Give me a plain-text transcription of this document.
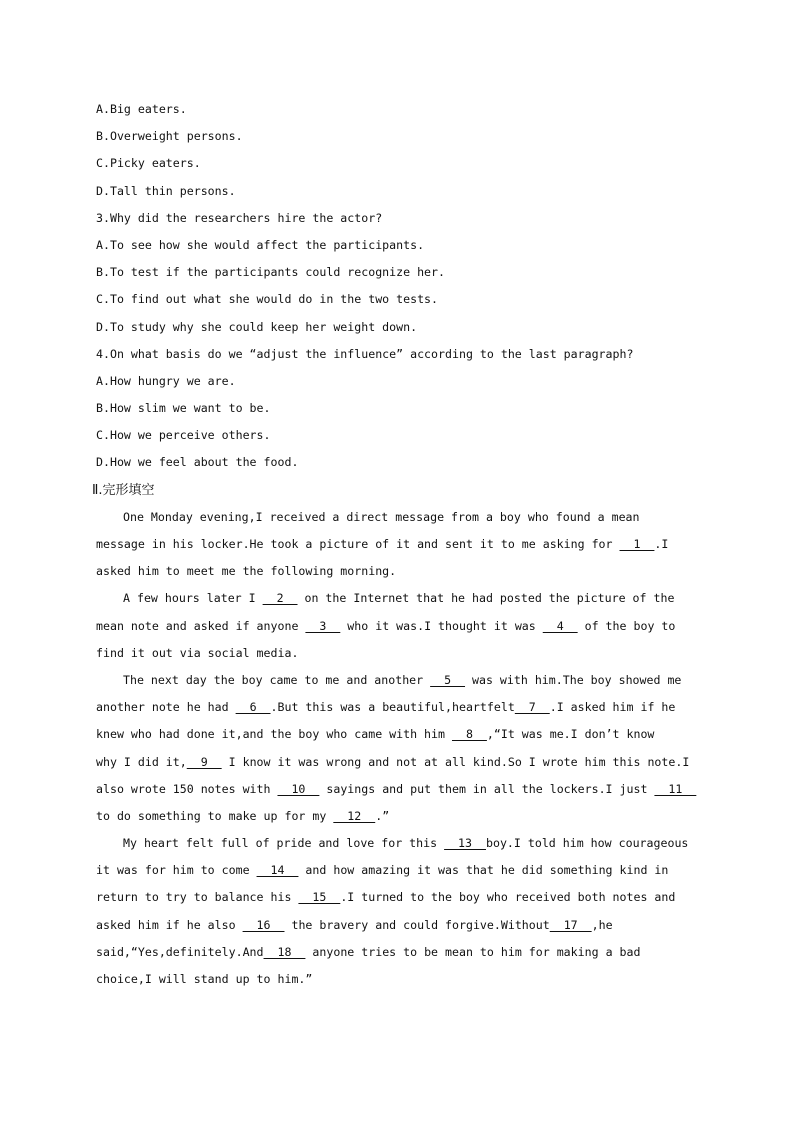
A.Big eaters.
B.Overweight persons.
C.Picky eaters.
D.Tall thin persons.
3.Why did the researchers hire the actor?
A.To see how she would affect the participants.
B.To test if the participants could recognize her.
C.To find out what she would do in the two tests.
D.To study why she could keep her weight down.
4.On what basis do we “adjust the influence” according to the last paragraph?
A.How hungry we are.
B.How slim we want to be.
C.How we perceive others.
D.How we feel about the food.
Ⅱ.完形填空
One Monday evening,I received a direct message from a boy who found a mean
message in his locker.He took a picture of it and sent it to me asking for   1  .I
asked him to meet me the following morning.
A few hours later I   2   on the Internet that he had posted the picture of the
mean note and asked if anyone   3   who it was.I thought it was   4   of the boy to
find it out via social media.
The next day the boy came to me and another   5   was with him.The boy showed me
another note he had   6  .But this was a beautiful,heartfelt  7  .I asked him if he
knew who had done it,and the boy who came with him   8  ,“It was me.I don’t know
why I did it,  9   I know it was wrong and not at all kind.So I wrote him this note.I
also wrote 150 notes with   10   sayings and put them in all the lockers.I just   11
to do something to make up for my   12  .”
My heart felt full of pride and love for this   13  boy.I told him how courageous
it was for him to come   14   and how amazing it was that he did something kind in
return to try to balance his   15  .I turned to the boy who received both notes and
asked him if he also   16   the bravery and could forgive.Without  17  ,he
said,“Yes,definitely.And  18   anyone tries to be mean to him for making a bad
choice,I will stand up to him.”
